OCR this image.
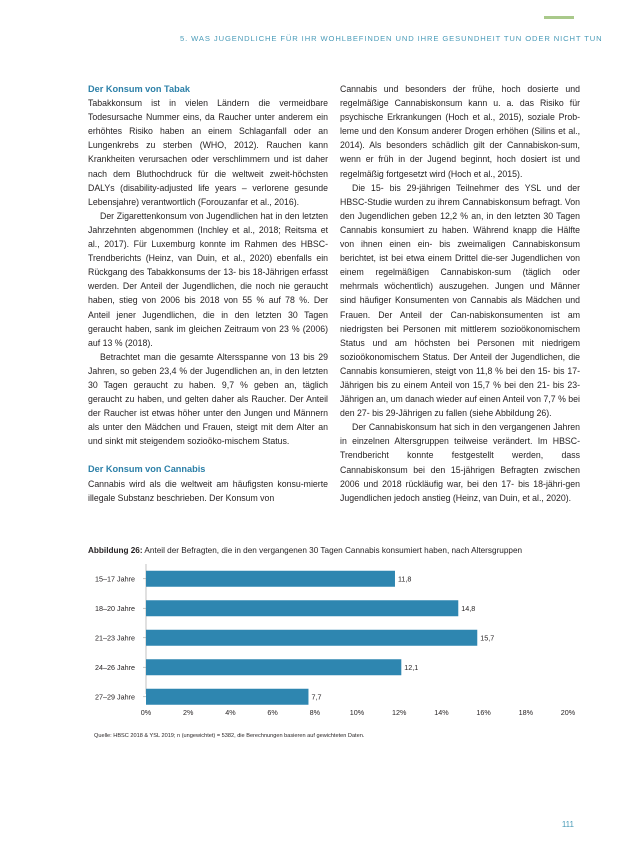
5. WAS JUGENDLICHE FÜR IHR WOHLBEFINDEN UND IHRE GESUNDHEIT TUN ODER NICHT TUN
Der Konsum von Tabak

Tabakkonsum ist in vielen Ländern die vermeidbare Todesursache Nummer eins, da Raucher unter anderem ein erhöhtes Risiko haben an einem Schlaganfall oder an Lungenkrebs zu sterben (WHO, 2012). Rauchen kann Krankheiten verursachen oder verschlimmern und ist daher nach dem Bluthochdruck für die weltweit zweit-höchsten DALYs (disability-adjusted life years – verlorene gesunde Lebensjahre) verantwortlich (Forouzanfar et al., 2016).

Der Zigarettenkonsum von Jugendlichen hat in den letzten Jahrzehnten abgenommen (Inchley et al., 2018; Reitsma et al., 2017). Für Luxemburg konnte im Rahmen des HBSC-Trendberichts (Heinz, van Duin, et al., 2020) ebenfalls ein Rückgang des Tabakkonsums der 13- bis 18-Jährigen erfasst werden. Der Anteil der Jugendlichen, die noch nie geraucht haben, stieg von 2006 bis 2018 von 55 % auf 78 %. Der Anteil jener Jugendlichen, die in den letzten 30 Tagen geraucht haben, sank im gleichen Zeitraum von 23 % (2006) auf 13 % (2018).

Betrachtet man die gesamte Altersspanne von 13 bis 29 Jahren, so geben 23,4 % der Jugendlichen an, in den letzten 30 Tagen geraucht zu haben. 9,7 % geben an, täglich geraucht zu haben, und gelten daher als Raucher. Der Anteil der Raucher ist etwas höher unter den Jungen und Männern als unter den Mädchen und Frauen, steigt mit dem Alter an und sinkt mit steigendem sozioöko-mischem Status.

Der Konsum von Cannabis

Cannabis wird als die weltweit am häufigsten konsu-mierte illegale Substanz beschrieben. Der Konsum von

Cannabis und besonders der frühe, hoch dosierte und regelmäßige Cannabiskonsum kann u. a. das Risiko für psychische Erkrankungen (Hoch et al., 2015), soziale Prob-leme und den Konsum anderer Drogen erhöhen (Silins et al., 2014). Als besonders schädlich gilt der Cannabiskon-sum, wenn er früh in der Jugend beginnt, hoch dosiert ist und regelmäßig fortgesetzt wird (Hoch et al., 2015).

Die 15- bis 29-jährigen Teilnehmer des YSL und der HBSC-Studie wurden zu ihrem Cannabiskonsum befragt. Von den Jugendlichen geben 12,2 % an, in den letzten 30 Tagen Cannabis konsumiert zu haben. Während knapp die Hälfte von ihnen einen ein- bis zweimaligen Cannabiskonsum berichtet, ist bei etwa einem Drittel die-ser Jugendlichen von einem regelmäßigen Cannabiskon-sum (täglich oder mehrmals wöchentlich) auszugehen. Jungen und Männer sind häufiger Konsumenten von Cannabis als Mädchen und Frauen. Der Anteil der Can-nabiskonsumenten ist am niedrigsten bei Personen mit mittlerem sozioökonomischem Status und am höchsten bei Personen mit niedrigem sozioökonomischem Status. Der Anteil der Jugendlichen, die Cannabis konsumieren, steigt von 11,8 % bei den 15- bis 17-Jährigen bis zu einem Anteil von 15,7 % bei den 21- bis 23-Jährigen an, um danach wieder auf einen Anteil von 7,7 % bei den 27- bis 29-Jährigen zu fallen (siehe Abbildung 26).

Der Cannabiskonsum hat sich in den vergangenen Jahren in einzelnen Altersgruppen teilweise verändert. Im HBSC-Trendbericht konnte festgestellt werden, dass Cannabiskonsum bei den 15-jährigen Befragten zwischen 2006 und 2018 rückläufig war, bei den 17- bis 18-jähri-gen Jugendlichen jedoch anstieg (Heinz, van Duin, et al., 2020).

Abbildung 26: Anteil der Befragten, die in den vergangenen 30 Tagen Cannabis konsumiert haben, nach Altersgruppen
15–17 Jahre	11,8
18–20 Jahre	14,8
21–23 Jahre	15,7
24–26 Jahre	12,1
27–29 Jahre	7,7
0%	2%	4%	6%	8%	10%	12%	14%	16%	18%	20%
Quelle: HBSC 2018 & YSL 2019; n (ungewichtet) = 5382, die Berechnungen basieren auf gewichteten Daten.
111
